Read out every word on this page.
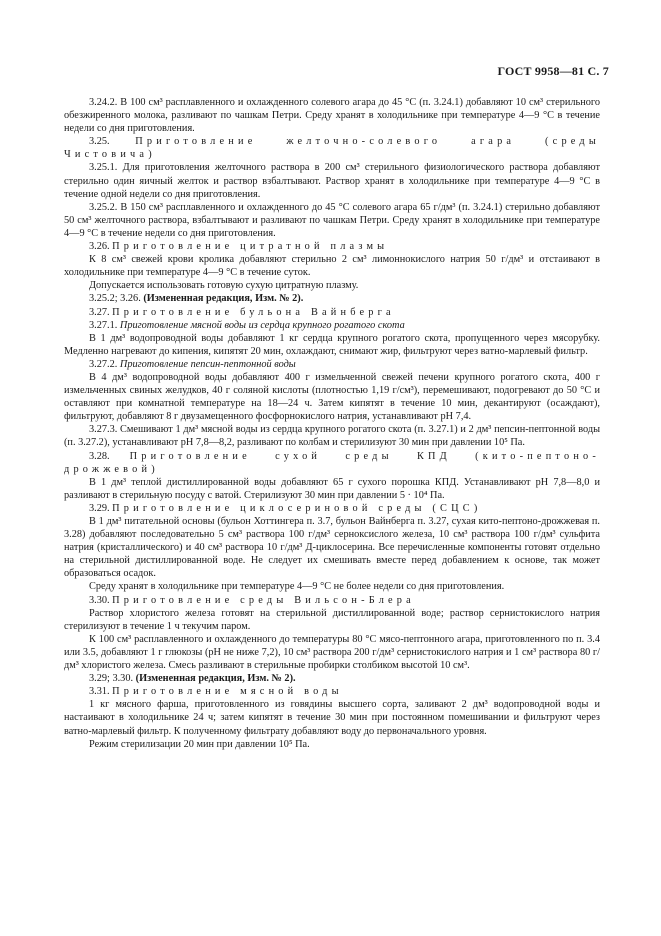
ГОСТ 9958—81 С. 7

3.24.2. В 100 см³ расплавленного и охлажденного солевого агара до 45 °С (п. 3.24.1) добавляют 10 см³ стерильного обезжиренного молока, разливают по чашкам Петри. Среду хранят в холодильнике при температуре 4—9 °С в течение недели со дня приготовления.

3.25. Приготовление желточно-солевого агара (среды Чистовича)

3.25.1. Для приготовления желточного раствора в 200 см³ стерильного физиологического раствора добавляют стерильно один яичный желток и раствор взбалтывают. Раствор хранят в холодильнике при температуре 4—9 °С в течение одной недели со дня приготовления.

3.25.2. В 150 см³ расплавленного и охлажденного до 45 °С солевого агара 65 г/дм³ (п. 3.24.1) стерильно добавляют 50 см³ желточного раствора, взбалтывают и разливают по чашкам Петри. Среду хранят в холодильнике при температуре 4—9 °С в течение недели со дня приготовления.

3.26. Приготовление цитратной плазмы

К 8 см³ свежей крови кролика добавляют стерильно 2 см³ лимоннокислого натрия 50 г/дм³ и отстаивают в холодильнике при температуре 4—9 °С в течение суток.

Допускается использовать готовую сухую цитратную плазму.

3.25.2; 3.26. (Измененная редакция, Изм. № 2).

3.27. Приготовление бульона Вайнберга

3.27.1. Приготовление мясной воды из сердца крупного рогатого скота

В 1 дм³ водопроводной воды добавляют 1 кг сердца крупного рогатого скота, пропущенного через мясорубку. Медленно нагревают до кипения, кипятят 20 мин, охлаждают, снимают жир, фильтруют через ватно-марлевый фильтр.

3.27.2. Приготовление пепсин-пептонной воды

В 4 дм³ водопроводной воды добавляют 400 г измельченной свежей печени крупного рогатого скота, 400 г измельченных свиных желудков, 40 г соляной кислоты (плотностью 1,19 г/см³), перемешивают, подогревают до 50 °С и оставляют при комнатной температуре на 18—24 ч. Затем кипятят в течение 10 мин, декантируют (осаждают), фильтруют, добавляют 8 г двузамещенного фосфорнокислого натрия, устанавливают рН 7,4.

3.27.3. Смешивают 1 дм³ мясной воды из сердца крупного рогатого скота (п. 3.27.1) и 2 дм³ пепсин-пептонной воды (п. 3.27.2), устанавливают рН 7,8—8,2, разливают по колбам и стерилизуют 30 мин при давлении 10⁵ Па.

3.28. Приготовление сухой среды КПД (кито-пептоно-дрожжевой)

В 1 дм³ теплой дистиллированной воды добавляют 65 г сухого порошка КПД. Устанавливают рН 7,8—8,0 и разливают в стерильную посуду с ватой. Стерилизуют 30 мин при давлении 5 · 10⁴ Па.

3.29. Приготовление циклосериновой среды (СЦС)

В 1 дм³ питательной основы (бульон Хоттингера п. 3.7, бульон Вайнберга п. 3.27, сухая кито-пептоно-дрожжевая п. 3.28) добавляют последовательно 5 см³ раствора 100 г/дм³ серноксислого железа, 10 см³ раствора 100 г/дм³ сульфита натрия (кристаллического) и 40 см³ раствора 10 г/дм³ Д-циклосерина. Все перечисленные компоненты готовят отдельно на стерильной дистиллированной воде. Не следует их смешивать вместе перед добавлением к основе, так может образоваться осадок.

Среду хранят в холодильнике при температуре 4—9 °С не более недели со дня приготовления.

3.30. Приготовление среды Вильсон-Блера

Раствор хлористого железа готовят на стерильной дистиллированной воде; раствор сернистокислого натрия стерилизуют в течение 1 ч текучим паром.

К 100 см³ расплавленного и охлажденного до температуры 80 °С мясо-пептонного агара, приготовленного по п. 3.4 или 3.5, добавляют 1 г глюкозы (рН не ниже 7,2), 10 см³ раствора 200 г/дм³ сернистокислого натрия и 1 см³ раствора 80 г/дм³ хлористого железа. Смесь разливают в стерильные пробирки столбиком высотой 10 см³.

3.29; 3.30. (Измененная редакция, Изм. № 2).

3.31. Приготовление мясной воды

1 кг мясного фарша, приготовленного из говядины высшего сорта, заливают 2 дм³ водопроводной воды и настаивают в холодильнике 24 ч; затем кипятят в течение 30 мин при постоянном помешивании и фильтруют через ватно-марлевый фильтр. К полученному фильтрату добавляют воду до первоначального уровня.

Режим стерилизации 20 мин при давлении 10⁵ Па.
